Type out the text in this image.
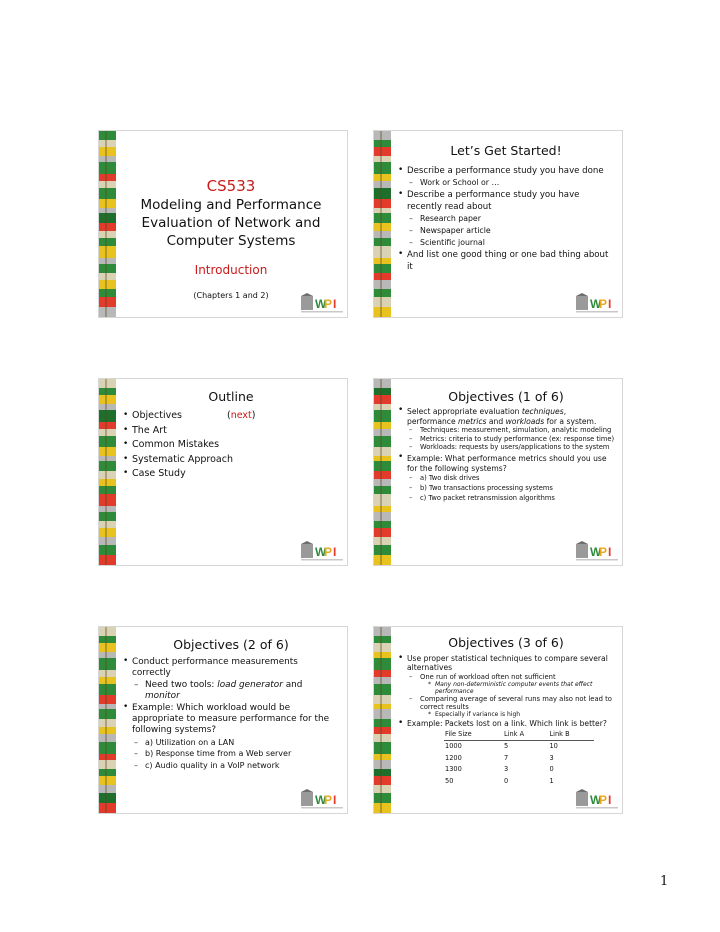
CS533
Modeling and Performance
Evaluation of Network and
Computer Systems
Introduction
(Chapters 1 and 2)
W
P I
Let’s Get Started!

• Describe a performance study you have done

– Work or School or …

• Describe a performance study you have recently read about

– Research paper

– Newspaper article

– Scientific journal

• And list one good thing or one bad thing about it

W
P I
Outline

• Objectives	(next)

• The Art

• Common Mistakes

• Systematic Approach

• Case Study

W
P I
Objectives (1 of 6)

• Select appropriate evaluation techniques, performance metrics and workloads for a system.

– Techniques: measurement, simulation, analytic modeling

– Metrics: criteria to study performance (ex: response time)

– Workloads: requests by users/applications to the system

• Example: What performance metrics should you use for the following systems?

– a) Two disk drives

– b) Two transactions processing systems

– c) Two packet retransmission algorithms

W
P I
Objectives (2 of 6)

• Conduct performance measurements correctly

– Need two tools: load generator and monitor

• Example: Which workload would be appropriate to measure performance for the following systems?

– a) Utilization on a LAN

– b) Response time from a Web server

– c) Audio quality in a VoIP network

W
P I
Objectives (3 of 6)

• Use proper statistical techniques to compare several alternatives

– One run of workload often not sufficient

* Many non-deterministic computer events that effect performance

– Comparing average of several runs may also not lead to correct results

* Especially if variance is high

• Example: Packets lost on a link. Which link is better?

File Size	Link A	Link B
1000	5	10
1200	7	3
1300	3	0
50	0	1
W
P I
1
